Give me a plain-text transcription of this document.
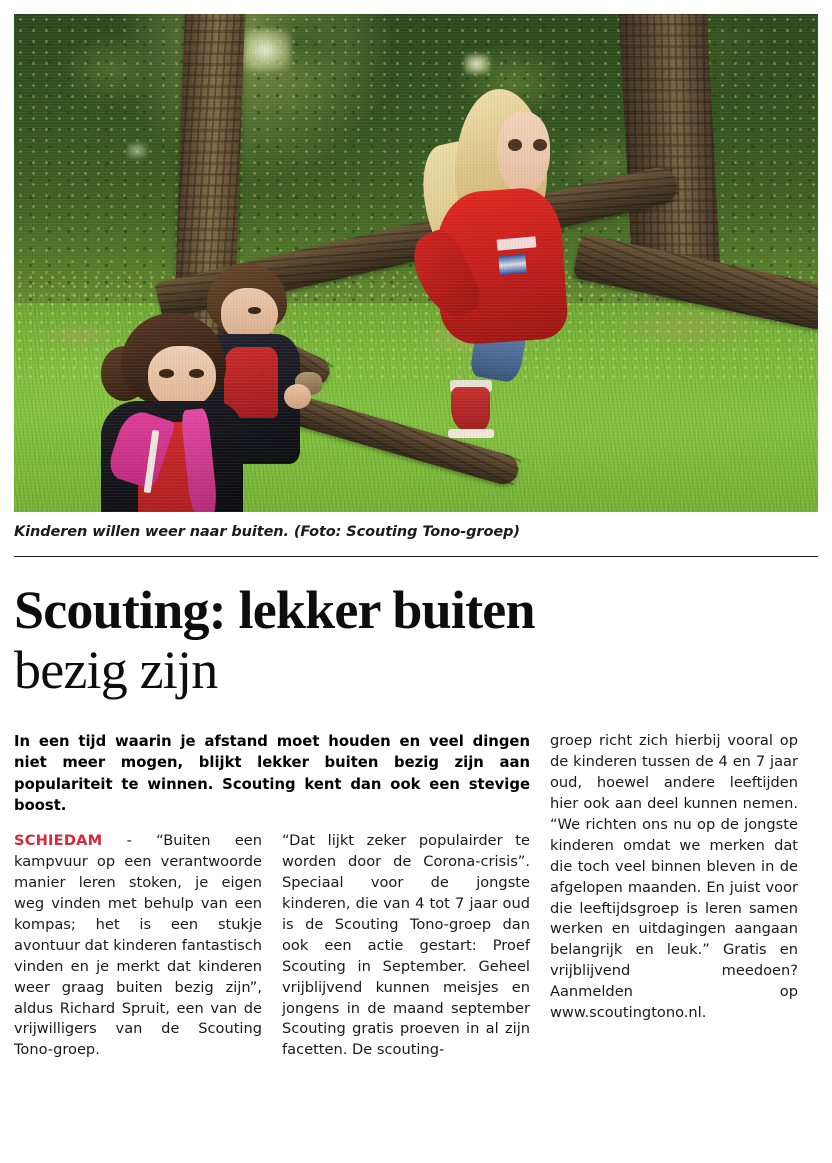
Kinderen willen weer naar buiten. (Foto: Scouting Tono-groep)
Scouting: lekker buiten
bezig zijn
In een tijd waarin je afstand moet houden en veel dingen niet meer mogen, blijkt lekker buiten bezig zijn aan populariteit te winnen. Scouting kent dan ook een stevige boost.
SCHIEDAM - “Buiten een kampvuur op een verantwoorde manier leren stoken, je eigen weg vinden met behulp van een kompas; het is een stukje avontuur dat kinderen fantastisch vinden en je merkt dat kinderen weer graag buiten bezig zijn”, aldus Richard Spruit, een van de vrijwilligers van de Scouting Tono-groep.
“Dat lijkt zeker populairder te worden door de Corona-crisis”. Speciaal voor de jongste kinderen, die van 4 tot 7 jaar oud is de Scouting Tono-groep dan ook een actie gestart: Proef Scouting in September. Geheel vrijblijvend kunnen meisjes en jongens in de maand september Scouting gratis proeven in al zijn facetten. De scouting-
groep richt zich hierbij vooral op de kinderen tussen de 4 en 7 jaar oud, hoewel andere leeftijden hier ook aan deel kunnen nemen. “We richten ons nu op de jongste kinderen omdat we merken dat die toch veel binnen bleven in de afgelopen maanden. En juist voor die leeftijdsgroep is leren samen werken en uitdagingen aangaan belangrijk en leuk.” Gratis en vrijblijvend meedoen? Aanmelden op www.scoutingtono.nl.
